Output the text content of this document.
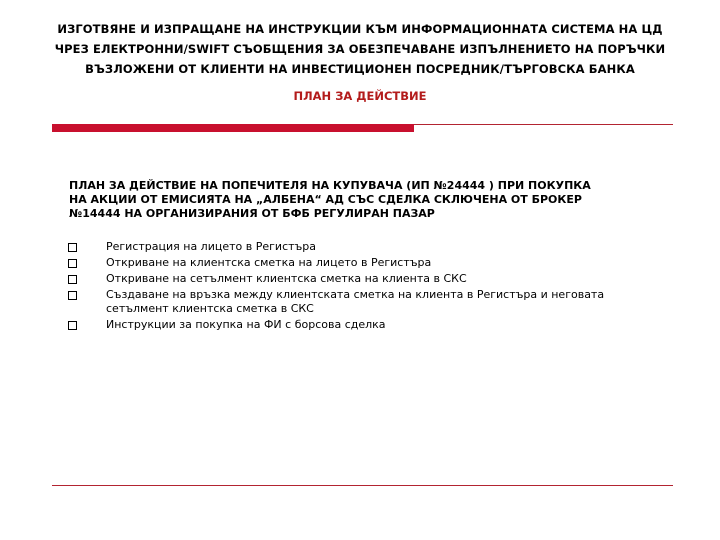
ИЗГОТВЯНЕ И ИЗПРАЩАНЕ НА ИНСТРУКЦИИ КЪМ ИНФОРМАЦИОННАТА СИСТЕМА НА ЦД
ЧРЕЗ ЕЛЕКТРОННИ/SWIFT СЪОБЩЕНИЯ ЗА ОБЕЗПЕЧАВАНЕ ИЗПЪЛНЕНИЕТО НА ПОРЪЧКИ
ВЪЗЛОЖЕНИ ОТ КЛИЕНТИ НА ИНВЕСТИЦИОНЕН ПОСРЕДНИК/ТЪРГОВСКА БАНКА
ПЛАН ЗА ДЕЙСТВИЕ
ПЛАН ЗА ДЕЙСТВИЕ НА ПОПЕЧИТЕЛЯ НА КУПУВАЧА (ИП №24444 ) ПРИ ПОКУПКА
НА АКЦИИ ОТ ЕМИСИЯТА НА „АЛБЕНА“ АД СЪС СДЕЛКА СКЛЮЧЕНА ОТ БРОКЕР
№14444 НА ОРГАНИЗИРАНИЯ ОТ БФБ РЕГУЛИРАН ПАЗАР
Регистрация на лицето в Регистъра
Откриване на клиентска сметка на лицето в Регистъра
Откриване на сетълмент клиентска сметка на клиента в СКС
Създаване на връзка между клиентската сметка на клиента в Регистъра и неговата сетълмент клиентска сметка в СКС
Инструкции за покупка на ФИ с борсова сделка
